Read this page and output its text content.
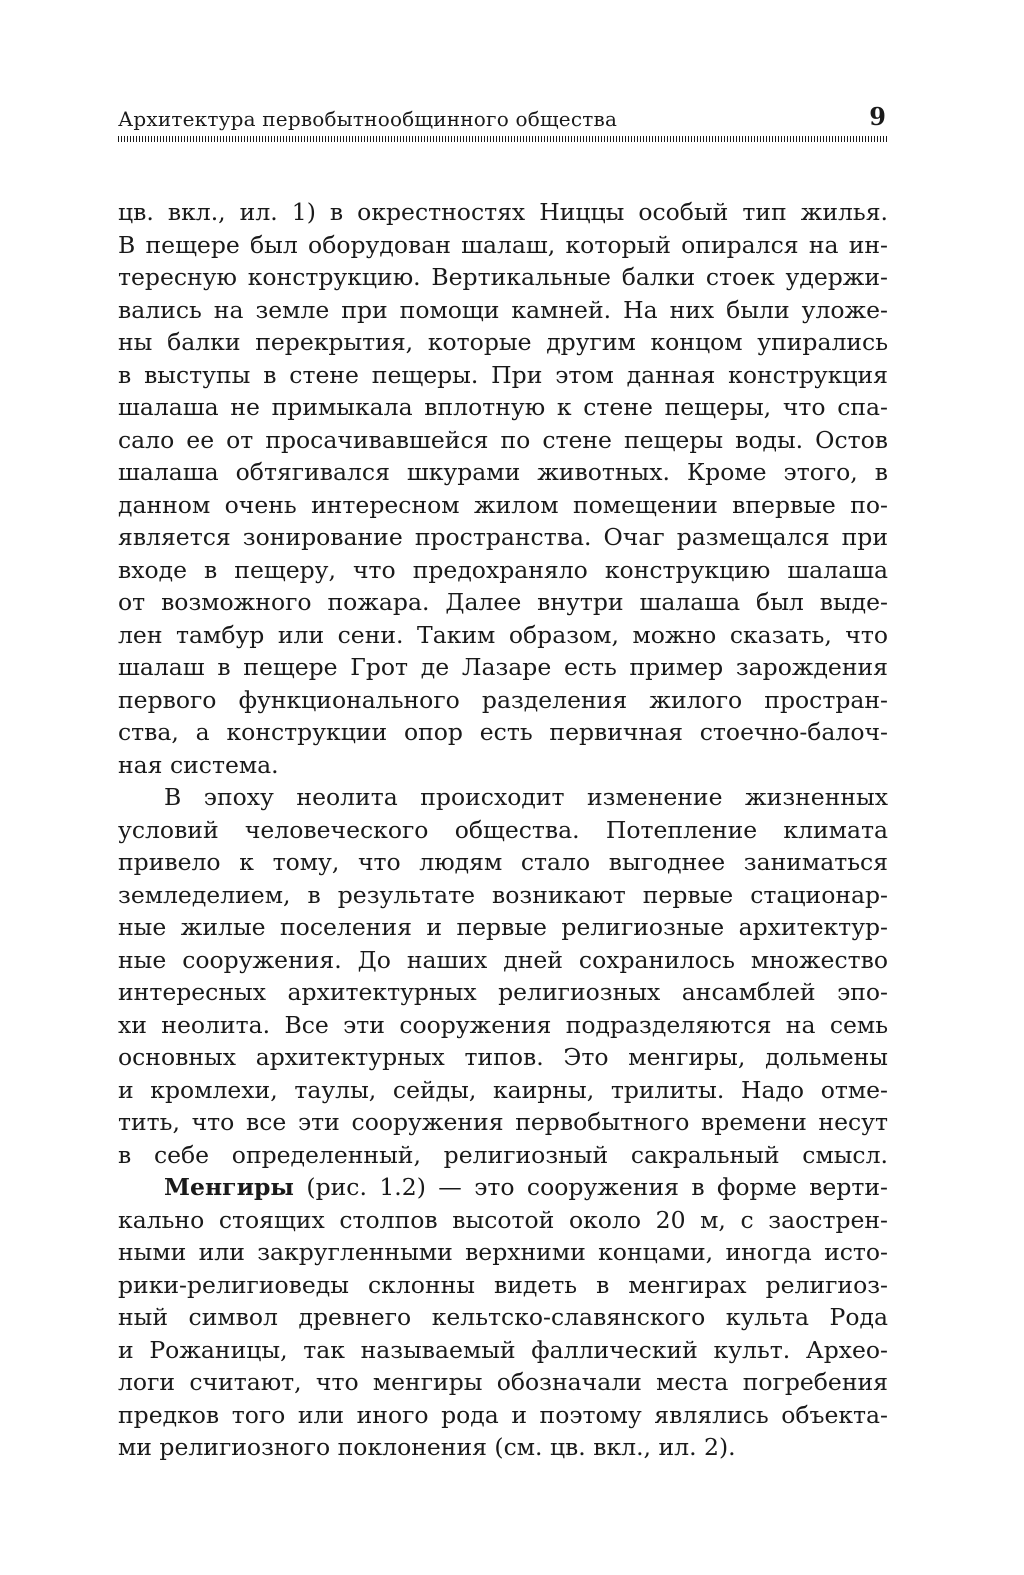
Архитектура первобытнообщинного общества	9
цв. вкл., ил. 1) в окрестностях Ниццы особый тип жилья.
В пещере был оборудован шалаш, который опирался на ин-
тересную конструкцию. Вертикальные балки стоек удержи-
вались на земле при помощи камней. На них были уложе-
ны балки перекрытия, которые другим концом упирались
в выступы в стене пещеры. При этом данная конструкция
шалаша не примыкала вплотную к стене пещеры, что спа-
сало ее от просачивавшейся по стене пещеры воды. Остов
шалаша обтягивался шкурами животных. Кроме этого, в
данном очень интересном жилом помещении впервые по-
является зонирование пространства. Очаг размещался при
входе в пещеру, что предохраняло конструкцию шалаша
от возможного пожара. Далее внутри шалаша был выде-
лен тамбур или сени. Таким образом, можно сказать, что
шалаш в пещере Грот де Лазаре есть пример зарождения
первого функционального разделения жилого простран-
ства, а конструкции опор есть первичная стоечно-балоч-
ная система.
В эпоху неолита происходит изменение жизненных
условий человеческого общества. Потепление климата
привело к тому, что людям стало выгоднее заниматься
земледелием, в результате возникают первые стационар-
ные жилые поселения и первые религиозные архитектур-
ные сооружения. До наших дней сохранилось множество
интересных архитектурных религиозных ансамблей эпо-
хи неолита. Все эти сооружения подразделяются на семь
основных архитектурных типов. Это менгиры, дольмены
и кромлехи, таулы, сейды, каирны, трилиты. Надо отме-
тить, что все эти сооружения первобытного времени несут
в себе определенный, религиозный сакральный смысл.
Менгиры (рис. 1.2) — это сооружения в форме верти-
кально стоящих столпов высотой около 20 м, с заострен-
ными или закругленными верхними концами, иногда исто-
рики-религиоведы склонны видеть в менгирах религиоз-
ный символ древнего кельтско-славянского культа Рода
и Рожаницы, так называемый фаллический культ. Архео-
логи считают, что менгиры обозначали места погребения
предков того или иного рода и поэтому являлись объекта-
ми религиозного поклонения (см. цв. вкл., ил. 2).
